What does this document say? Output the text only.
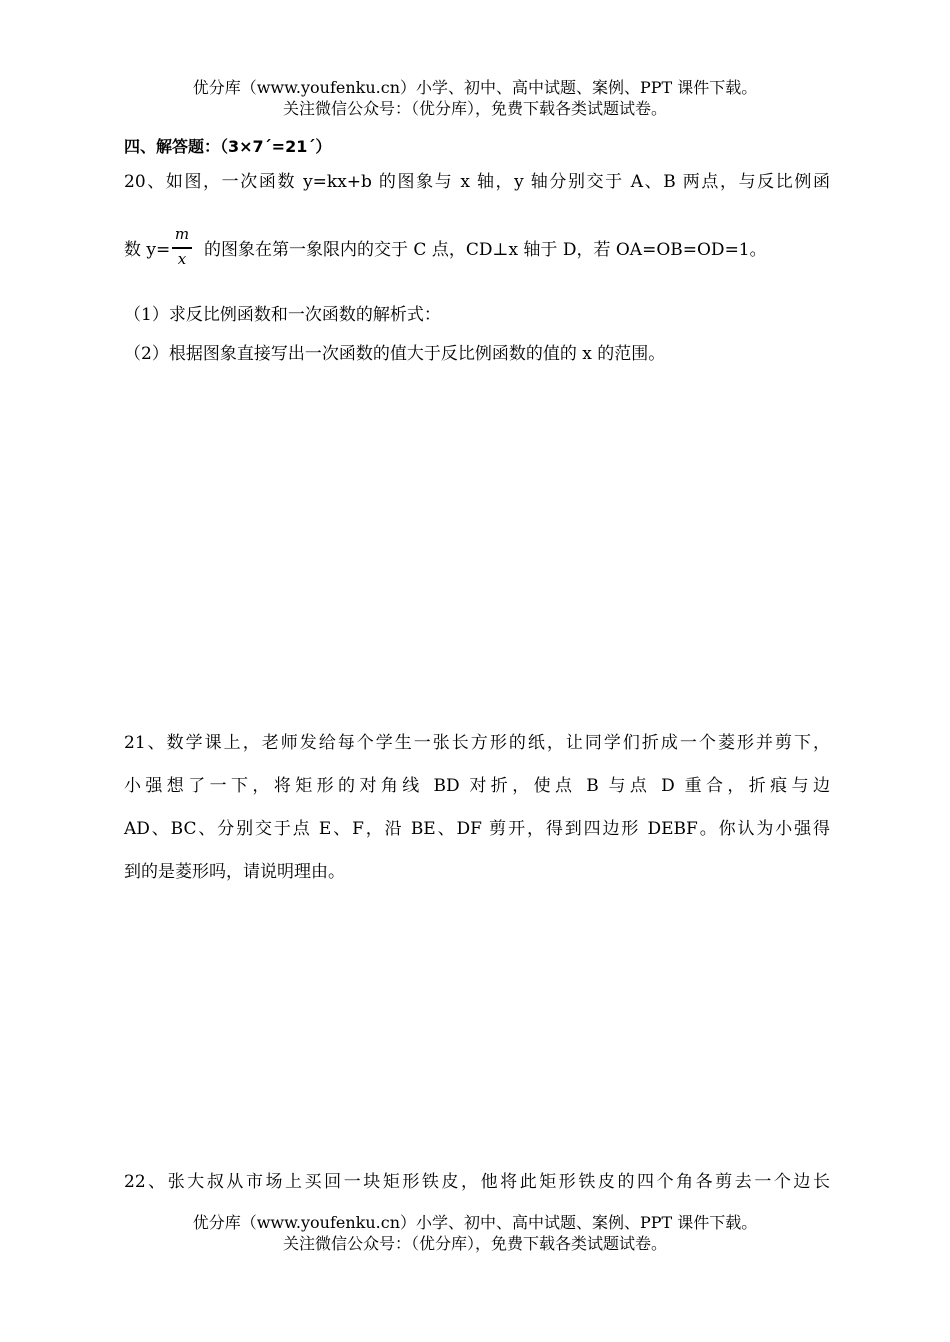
优分库（www.youfenku.cn）小学、初中、高中试题、案例、PPT 课件下载。
关注微信公众号：（优分库），免费下载各类试题试卷。
四、解答题：（3×7´=21´）
20、如图，一次函数 y=kx+b 的图象与 x 轴，y 轴分别交于 A、B 两点，与反比例函
数 y=
m
x	的图象在第一象限内的交于 C 点，CD⊥x 轴于 D，若 OA=OB=OD=1。
（1）求反比例函数和一次函数的解析式：
（2）根据图象直接写出一次函数的值大于反比例函数的值的 x 的范围。
21、数学课上，老师发给每个学生一张长方形的纸，让同学们折成一个菱形并剪下，
小强想了一下，将矩形的对角线 BD 对折，使点 B 与点 D 重合，折痕与边
AD、BC、分别交于点 E、F，沿 BE、DF 剪开，得到四边形 DEBF。你认为小强得
到的是菱形吗，请说明理由。
22、张大叔从市场上买回一块矩形铁皮，他将此矩形铁皮的四个角各剪去一个边长
优分库（www.youfenku.cn）小学、初中、高中试题、案例、PPT 课件下载。
关注微信公众号：（优分库），免费下载各类试题试卷。
